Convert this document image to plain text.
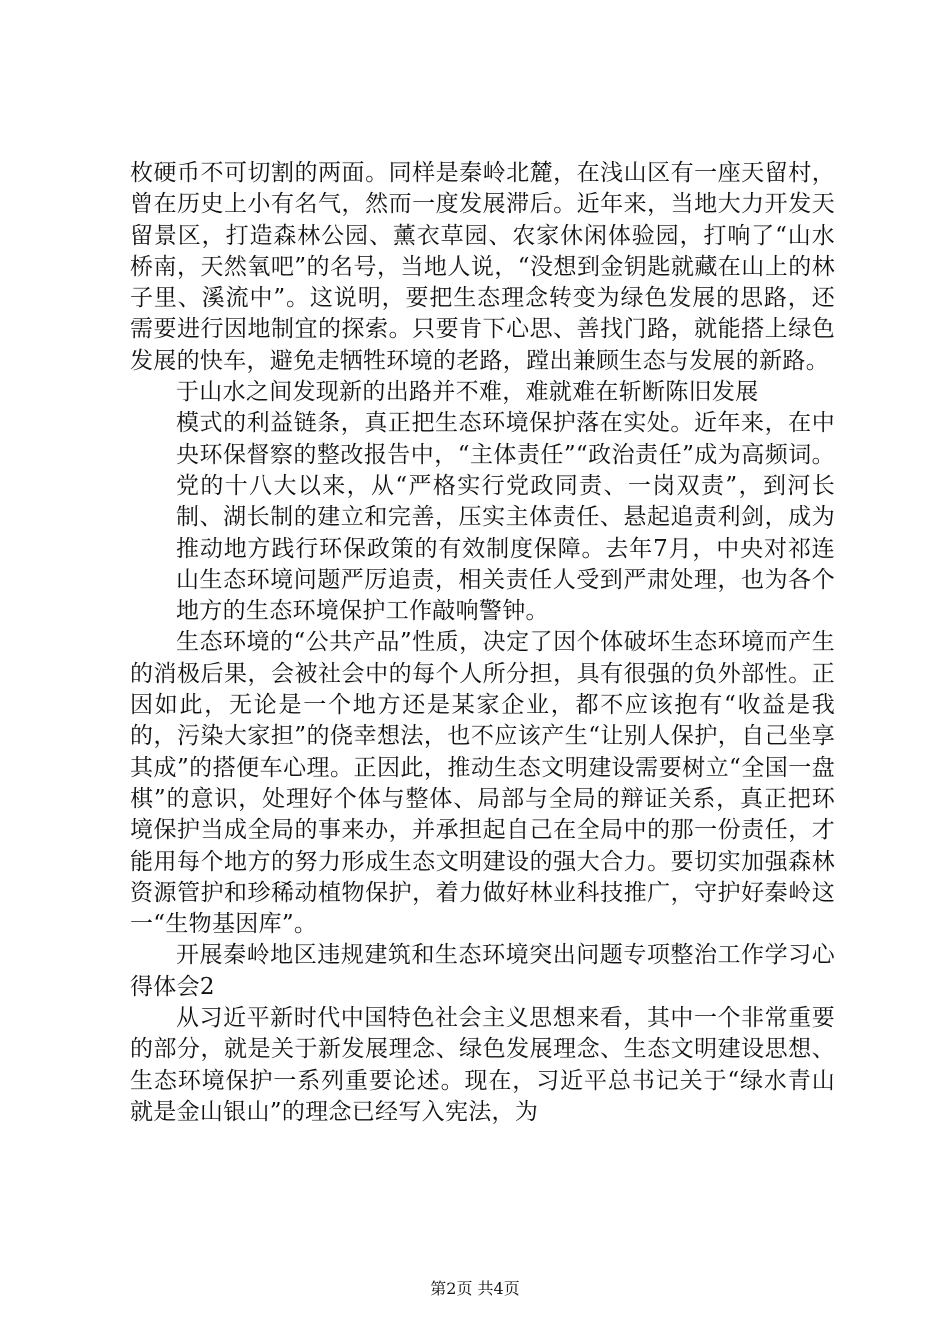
枚硬币不可切割的两面。同样是秦岭北麓，在浅山区有一座天留村，曾在历史上小有名气，然而一度发展滞后。近年来，当地大力开发天留景区，打造森林公园、薰衣草园、农家休闲体验园，打响了“山水桥南，天然氧吧”的名号，当地人说，“没想到金钥匙就藏在山上的林子里、溪流中”。这说明，要把生态理念转变为绿色发展的思路，还需要进行因地制宜的探索。只要肯下心思、善找门路，就能搭上绿色发展的快车，避免走牺牲环境的老路，蹚出兼顾生态与发展的新路。

于山水之间发现新的出路并不难，难就难在斩断陈旧发展

模式的利益链条，真正把生态环境保护落在实处。近年来，在中央环保督察的整改报告中，“主体责任”“政治责任”成为高频词。党的十八大以来，从“严格实行党政同责、一岗双责”，到河长制、湖长制的建立和完善，压实主体责任、悬起追责利剑，成为推动地方践行环保政策的有效制度保障。去年7月，中央对祁连山生态环境问题严厉追责，相关责任人受到严肃处理，也为各个地方的生态环境保护工作敲响警钟。

生态环境的“公共产品”性质，决定了因个体破坏生态环境而产生的消极后果，会被社会中的每个人所分担，具有很强的负外部性。正因如此，无论是一个地方还是某家企业，都不应该抱有“收益是我的，污染大家担”的侥幸想法，也不应该产生“让别人保护，自己坐享其成”的搭便车心理。正因此，推动生态文明建设需要树立“全国一盘棋”的意识，处理好个体与整体、局部与全局的辩证关系，真正把环境保护当成全局的事来办，并承担起自己在全局中的那一份责任，才能用每个地方的努力形成生态文明建设的强大合力。要切实加强森林资源管护和珍稀动植物保护，着力做好林业科技推广，守护好秦岭这一“生物基因库”。

开展秦岭地区违规建筑和生态环境突出问题专项整治工作学习心得体会2

从习近平新时代中国特色社会主义思想来看，其中一个非常重要的部分，就是关于新发展理念、绿色发展理念、生态文明建设思想、生态环境保护一系列重要论述。现在，习近平总书记关于“绿水青山就是金山银山”的理念已经写入宪法，为

第2页 共4页
